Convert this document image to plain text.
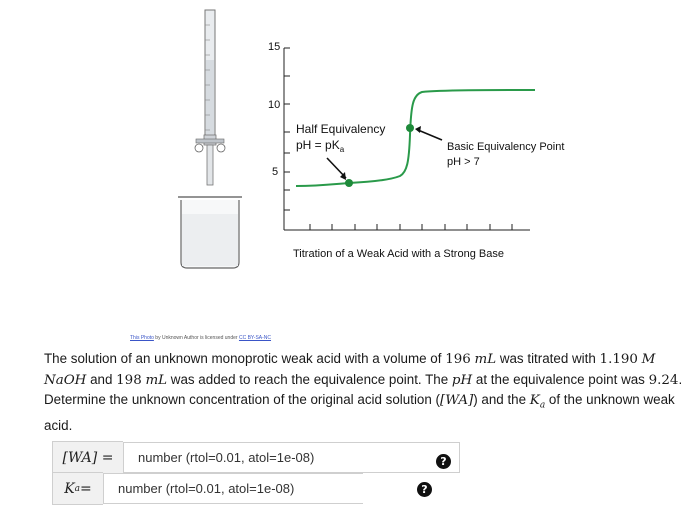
15
10
5
Half Equivalency
pH = $pK_a$	Basic Equivalency Point
pH > 7
Titration of a Weak Acid with a Strong Base
This Photo by Unknown Author is licensed under CC BY-SA-NC
The solution of an unknown monoprotic weak acid with a volume of 196 mL was titrated with 1.190 M NaOH and 198 mL was added to reach the equivalence point. The pH at the equivalence point was 9.24. Determine the unknown concentration of the original acid solution ([WA]) and the $K_a$ of the unknown weak acid.
[WA] =	number (rtol=0.01, atol=1e-08)	?
K a =	number (rtol=0.01, atol=1e-08)	?
